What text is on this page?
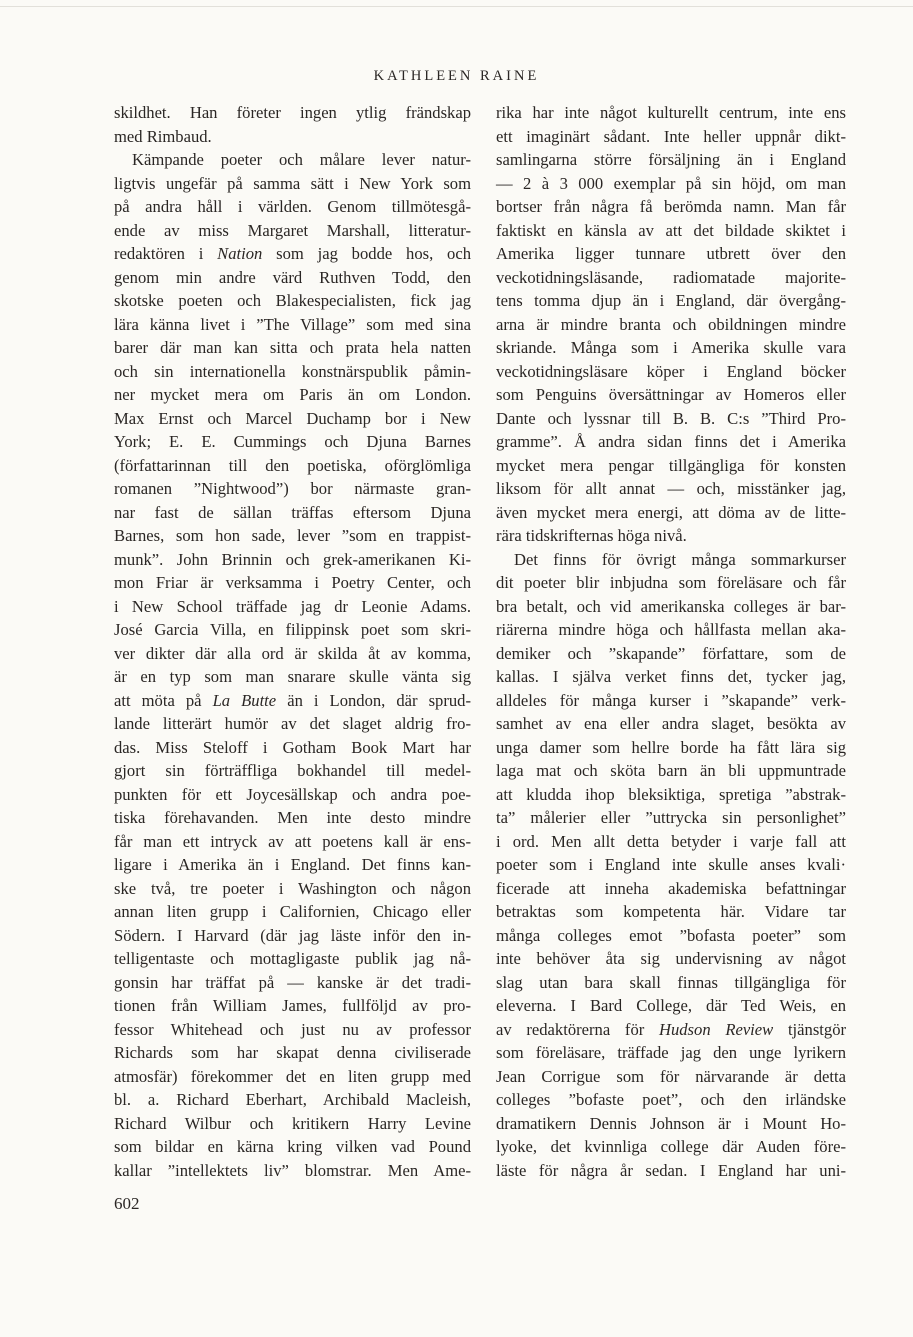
KATHLEEN RAINE
skildhet. Han företer ingen ytlig frändskap
med Rimbaud.
Kämpande poeter och målare lever natur-
ligtvis ungefär på samma sätt i New York som
på andra håll i världen. Genom tillmötesgå-
ende av miss Margaret Marshall, litteratur-
redaktören i Nation som jag bodde hos, och
genom min andre värd Ruthven Todd, den
skotske poeten och Blakespecialisten, fick jag
lära känna livet i ”The Village” som med sina
barer där man kan sitta och prata hela natten
och sin internationella konstnärspublik påmin-
ner mycket mera om Paris än om London.
Max Ernst och Marcel Duchamp bor i New
York; E. E. Cummings och Djuna Barnes
(författarinnan till den poetiska, oförglömliga
romanen ”Nightwood”) bor närmaste gran-
nar fast de sällan träffas eftersom Djuna
Barnes, som hon sade, lever ”som en trappist-
munk”. John Brinnin och grek-amerikanen Ki-
mon Friar är verksamma i Poetry Center, och
i New School träffade jag dr Leonie Adams.
José Garcia Villa, en filippinsk poet som skri-
ver dikter där alla ord är skilda åt av komma,
är en typ som man snarare skulle vänta sig
att möta på La Butte än i London, där sprud-
lande litterärt humör av det slaget aldrig fro-
das. Miss Steloff i Gotham Book Mart har
gjort sin förträffliga bokhandel till medel-
punkten för ett Joycesällskap och andra poe-
tiska förehavanden. Men inte desto mindre
får man ett intryck av att poetens kall är ens-
ligare i Amerika än i England. Det finns kan-
ske två, tre poeter i Washington och någon
annan liten grupp i Californien, Chicago eller
Södern. I Harvard (där jag läste inför den in-
telligentaste och mottagligaste publik jag nå-
gonsin har träffat på — kanske är det tradi-
tionen från William James, fullföljd av pro-
fessor Whitehead och just nu av professor
Richards som har skapat denna civiliserade
atmosfär) förekommer det en liten grupp med
bl. a. Richard Eberhart, Archibald Macleish,
Richard Wilbur och kritikern Harry Levine
som bildar en kärna kring vilken vad Pound
kallar ”intellektets liv” blomstrar. Men Ame-
rika har inte något kulturellt centrum, inte ens
ett imaginärt sådant. Inte heller uppnår dikt-
samlingarna större försäljning än i England
— 2 à 3 000 exemplar på sin höjd, om man
bortser från några få berömda namn. Man får
faktiskt en känsla av att det bildade skiktet i
Amerika ligger tunnare utbrett över den
veckotidningsläsande, radiomatade majorite-
tens tomma djup än i England, där övergång-
arna är mindre branta och obildningen mindre
skriande. Många som i Amerika skulle vara
veckotidningsläsare köper i England böcker
som Penguins översättningar av Homeros eller
Dante och lyssnar till B. B. C:s ”Third Pro-
gramme”. Å andra sidan finns det i Amerika
mycket mera pengar tillgängliga för konsten
liksom för allt annat — och, misstänker jag,
även mycket mera energi, att döma av de litte-
rära tidskrifternas höga nivå.
Det finns för övrigt många sommarkurser
dit poeter blir inbjudna som föreläsare och får
bra betalt, och vid amerikanska colleges är bar-
riärerna mindre höga och hållfasta mellan aka-
demiker och ”skapande” författare, som de
kallas. I själva verket finns det, tycker jag,
alldeles för många kurser i ”skapande” verk-
samhet av ena eller andra slaget, besökta av
unga damer som hellre borde ha fått lära sig
laga mat och sköta barn än bli uppmuntrade
att kludda ihop bleksiktiga, spretiga ”abstrak-
ta” målerier eller ”uttrycka sin personlighet”
i ord. Men allt detta betyder i varje fall att
poeter som i England inte skulle anses kvali·
ficerade att inneha akademiska befattningar
betraktas som kompetenta här. Vidare tar
många colleges emot ”bofasta poeter” som
inte behöver åta sig undervisning av något
slag utan bara skall finnas tillgängliga för
eleverna. I Bard College, där Ted Weis, en
av redaktörerna för Hudson Review tjänstgör
som föreläsare, träffade jag den unge lyrikern
Jean Corrigue som för närvarande är detta
colleges ”bofaste poet”, och den irländske
dramatikern Dennis Johnson är i Mount Ho-
lyoke, det kvinnliga college där Auden före-
läste för några år sedan. I England har uni-
602
